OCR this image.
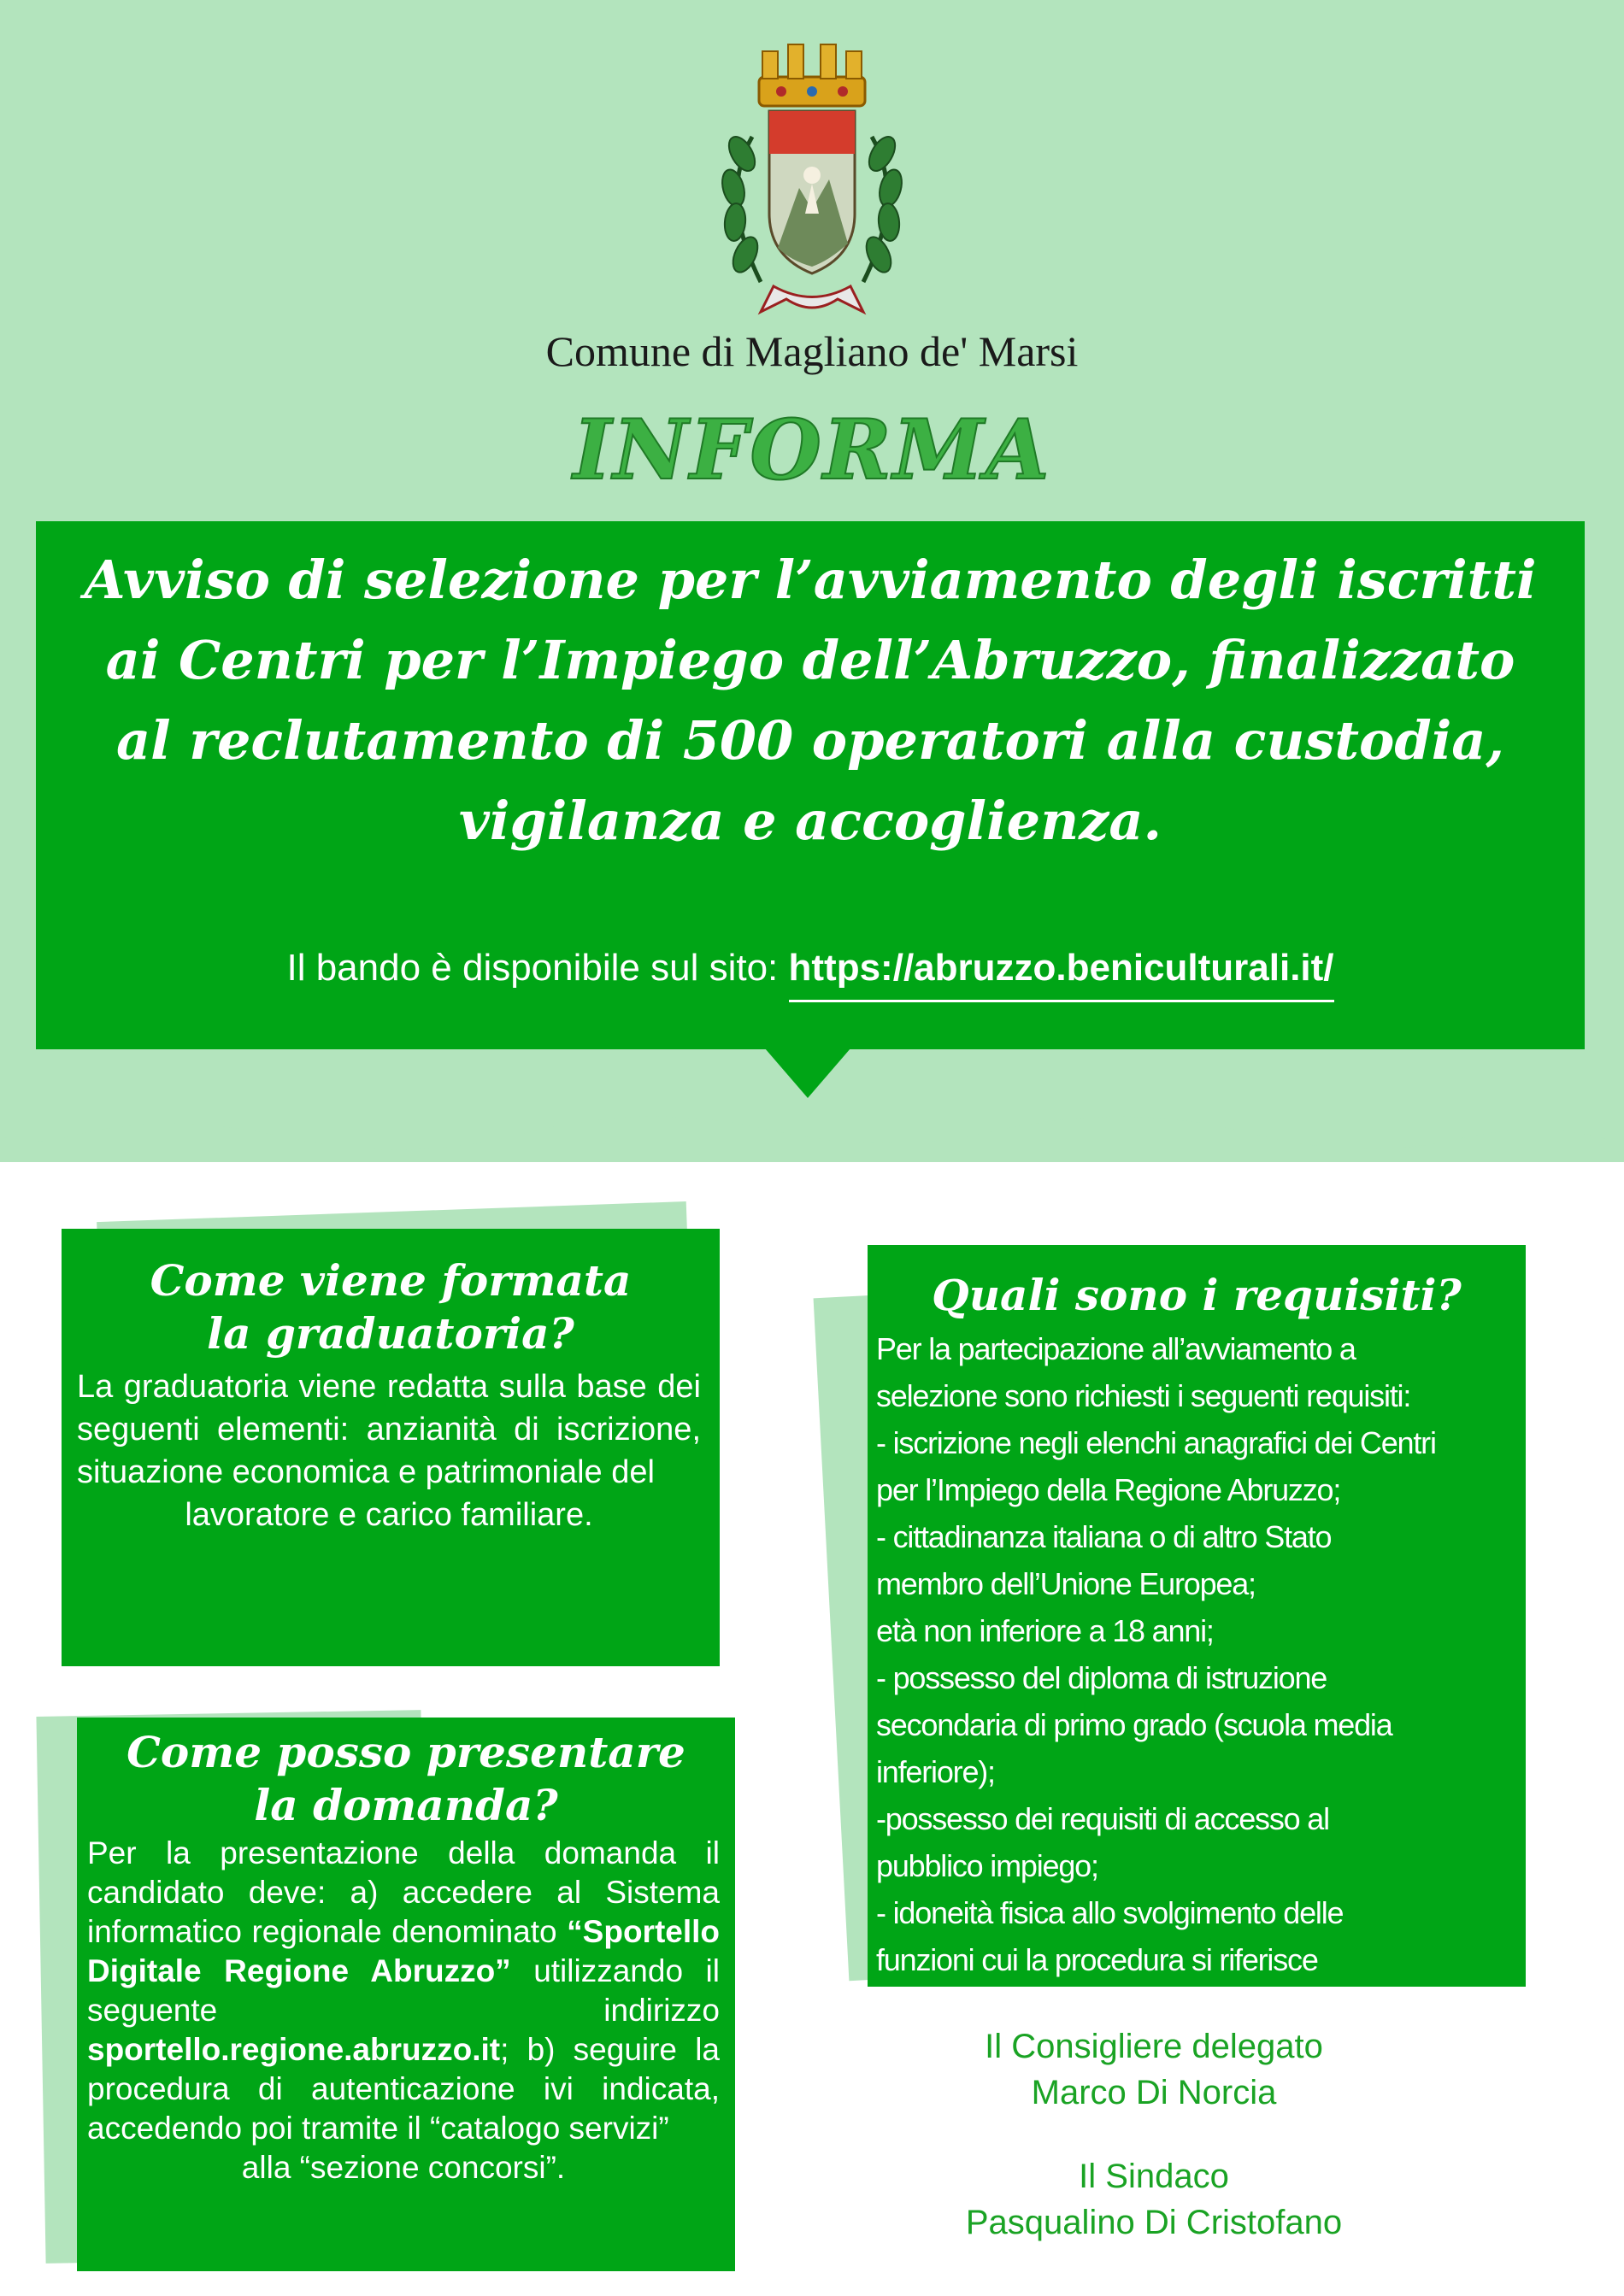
Comune di Magliano de' Marsi
INFORMA
Avviso di selezione per l’avviamento degli iscritti
ai Centri per l’Impiego dell’Abruzzo, finalizzato
al reclutamento di 500 operatori alla custodia,
vigilanza e accoglienza.
Il bando è disponibile sul sito: https://abruzzo.beniculturali.it/
Come viene formata la graduatoria?

La graduatoria viene redatta sulla base dei seguenti elementi: anzianità di iscrizione, situazione economica e patrimoniale del

lavoratore e carico familiare.

Come posso presentare la domanda?

Per la presentazione della domanda il candidato deve: a) accedere al Sistema informatico regionale denominato “Sportello Digitale Regione Abruzzo” utilizzando il seguente indirizzo sportello.regione.abruzzo.it; b) seguire la procedura di autenticazione ivi indicata, accedendo poi tramite il “catalogo servizi”

alla “sezione concorsi”.

Quali sono i requisiti?
Per la partecipazione all’avviamento a
selezione sono richiesti i seguenti requisiti:
- iscrizione negli elenchi anagrafici dei Centri
per l’Impiego della Regione Abruzzo;
- cittadinanza italiana o di altro Stato
membro dell’Unione Europea;
età non inferiore a 18 anni;
- possesso del diploma di istruzione
secondaria di primo grado (scuola media
inferiore);
-possesso dei requisiti di accesso al
pubblico impiego;
- idoneità fisica allo svolgimento delle
funzioni cui la procedura si riferisce
Il Consigliere delegato
Marco Di Norcia
Il Sindaco
Pasqualino Di Cristofano
